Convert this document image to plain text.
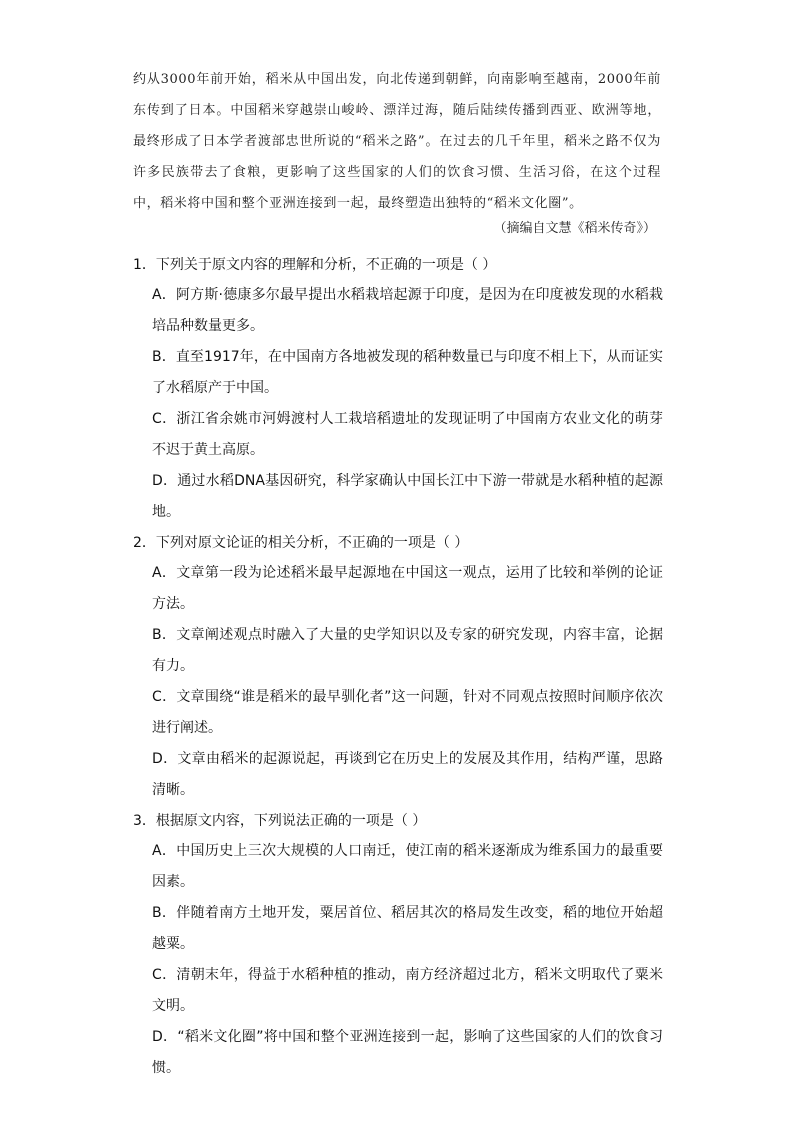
约从3000年前开始，稻米从中国出发，向北传递到朝鲜，向南影响至越南，2000年前东传到了日本。中国稻米穿越崇山峻岭、漂洋过海，随后陆续传播到西亚、欧洲等地，最终形成了日本学者渡部忠世所说的“稻米之路”。在过去的几千年里，稻米之路不仅为许多民族带去了食粮，更影响了这些国家的人们的饮食习惯、生活习俗，在这个过程中，稻米将中国和整个亚洲连接到一起，最终塑造出独特的“稻米文化圈”。
（摘编自文慧《稻米传奇》）
1．下列关于原文内容的理解和分析，不正确的一项是（ ）
A．阿方斯·德康多尔最早提出水稻栽培起源于印度，是因为在印度被发现的水稻栽培品种数量更多。
B．直至1917年，在中国南方各地被发现的稻种数量已与印度不相上下，从而证实了水稻原产于中国。
C．浙江省余姚市河姆渡村人工栽培稻遗址的发现证明了中国南方农业文化的萌芽不迟于黄土高原。
D．通过水稻DNA基因研究，科学家确认中国长江中下游一带就是水稻种植的起源地。
2．下列对原文论证的相关分析，不正确的一项是（ ）
A．文章第一段为论述稻米最早起源地在中国这一观点，运用了比较和举例的论证方法。
B．文章阐述观点时融入了大量的史学知识以及专家的研究发现，内容丰富，论据有力。
C．文章围绕“谁是稻米的最早驯化者”这一问题，针对不同观点按照时间顺序依次进行阐述。
D．文章由稻米的起源说起，再谈到它在历史上的发展及其作用，结构严谨，思路清晰。
3．根据原文内容，下列说法正确的一项是（ ）
A．中国历史上三次大规模的人口南迁，使江南的稻米逐渐成为维系国力的最重要因素。
B．伴随着南方土地开发，粟居首位、稻居其次的格局发生改变，稻的地位开始超越粟。
C．清朝末年，得益于水稻种植的推动，南方经济超过北方，稻米文明取代了粟米文明。
D．“稻米文化圈”将中国和整个亚洲连接到一起，影响了这些国家的人们的饮食习惯。
